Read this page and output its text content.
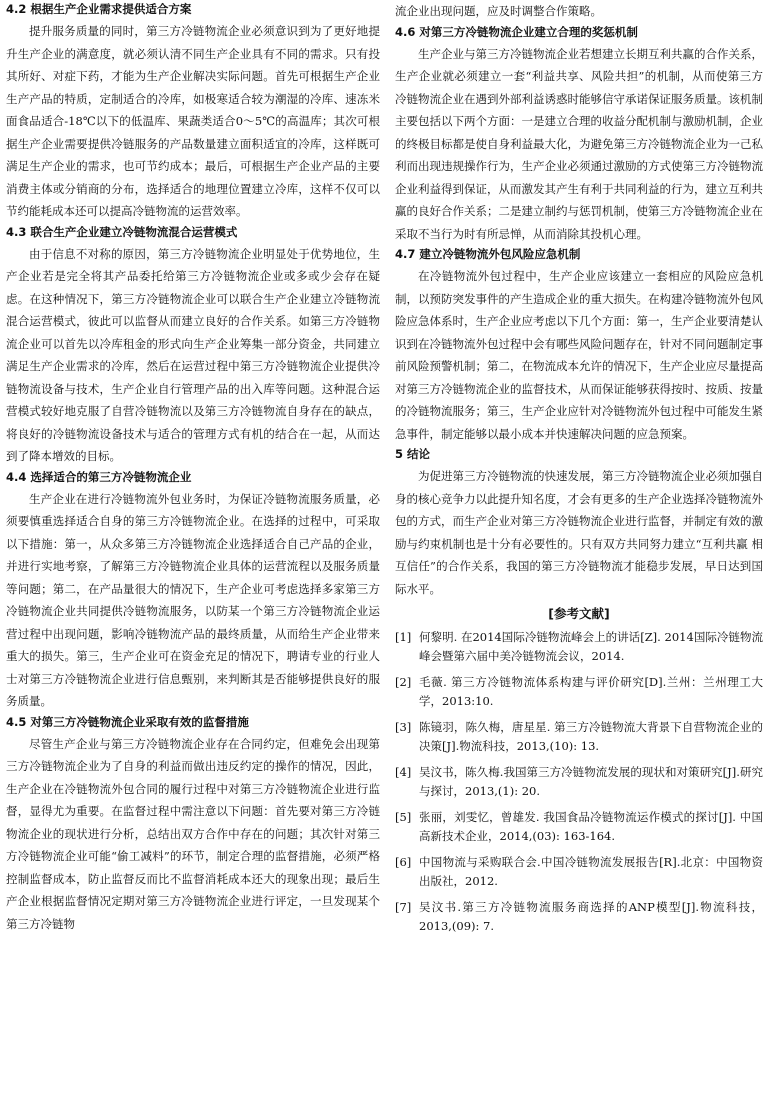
4.2 根据生产企业需求提供适合方案

提升服务质量的同时，第三方冷链物流企业必须意识到为了更好地提升生产企业的满意度，就必须认清不同生产企业具有不同的需求。只有投其所好、对症下药，才能为生产企业解决实际问题。首先可根据生产企业生产产品的特质，定制适合的冷库，如极寒适合较为潮湿的冷库、速冻米面食品适合-18℃以下的低温库、果蔬类适合0～5℃的高温库；其次可根据生产企业需要提供冷链服务的产品数量建立面积适宜的冷库，这样既可满足生产企业的需求，也可节约成本；最后，可根据生产企业产品的主要消费主体或分销商的分布，选择适合的地理位置建立冷库，这样不仅可以节约能耗成本还可以提高冷链物流的运营效率。

4.3 联合生产企业建立冷链物流混合运营模式

由于信息不对称的原因，第三方冷链物流企业明显处于优势地位，生产企业若是完全将其产品委托给第三方冷链物流企业或多或少会存在疑虑。在这种情况下，第三方冷链物流企业可以联合生产企业建立冷链物流混合运营模式，彼此可以监督从而建立良好的合作关系。如第三方冷链物流企业可以首先以冷库租金的形式向生产企业筹集一部分资金，共同建立满足生产企业需求的冷库，然后在运营过程中第三方冷链物流企业提供冷链物流设备与技术，生产企业自行管理产品的出入库等问题。这种混合运营模式较好地克服了自营冷链物流以及第三方冷链物流自身存在的缺点，将良好的冷链物流设备技术与适合的管理方式有机的结合在一起，从而达到了降本增效的目标。

4.4 选择适合的第三方冷链物流企业

生产企业在进行冷链物流外包业务时，为保证冷链物流服务质量，必须要慎重选择适合自身的第三方冷链物流企业。在选择的过程中，可采取以下措施：第一，从众多第三方冷链物流企业选择适合自己产品的企业，并进行实地考察，了解第三方冷链物流企业具体的运营流程以及服务质量等问题；第二，在产品量很大的情况下，生产企业可考虑选择多家第三方冷链物流企业共同提供冷链物流服务，以防某一个第三方冷链物流企业运营过程中出现问题，影响冷链物流产品的最终质量，从而给生产企业带来重大的损失。第三，生产企业可在资金充足的情况下，聘请专业的行业人士对第三方冷链物流企业进行信息甄别，来判断其是否能够提供良好的服务质量。

4.5 对第三方冷链物流企业采取有效的监督措施

尽管生产企业与第三方冷链物流企业存在合同约定，但难免会出现第三方冷链物流企业为了自身的利益而做出违反约定的操作的情况，因此，生产企业在冷链物流外包合同的履行过程中对第三方冷链物流企业进行监督，显得尤为重要。在监督过程中需注意以下问题：首先要对第三方冷链物流企业的现状进行分析，总结出双方合作中存在的问题；其次针对第三方冷链物流企业可能“偷工减料”的环节，制定合理的监督措施，必须严格控制监督成本，防止监督反而比不监督消耗成本还大的现象出现；最后生产企业根据监督情况定期对第三方冷链物流企业进行评定，一旦发现某个第三方冷链物

流企业出现问题，应及时调整合作策略。

4.6 对第三方冷链物流企业建立合理的奖惩机制

生产企业与第三方冷链物流企业若想建立长期互利共赢的合作关系，生产企业就必须建立一套“利益共享、风险共担”的机制，从而使第三方冷链物流企业在遇到外部利益诱惑时能够信守承诺保证服务质量。该机制主要包括以下两个方面：一是建立合理的收益分配机制与激励机制，企业的终极目标都是使自身利益最大化，为避免第三方冷链物流企业为一己私利而出现违规操作行为，生产企业必须通过激励的方式使第三方冷链物流企业利益得到保证，从而激发其产生有利于共同利益的行为，建立互利共赢的良好合作关系；二是建立制约与惩罚机制，使第三方冷链物流企业在采取不当行为时有所忌惮，从而消除其投机心理。

4.7 建立冷链物流外包风险应急机制

在冷链物流外包过程中，生产企业应该建立一套相应的风险应急机制，以预防突发事件的产生造成企业的重大损失。在构建冷链物流外包风险应急体系时，生产企业应考虑以下几个方面：第一，生产企业要清楚认识到在冷链物流外包过程中会有哪些风险问题存在，针对不同问题制定事前风险预警机制；第二，在物流成本允许的情况下，生产企业应尽量提高对第三方冷链物流企业的监督技术，从而保证能够获得按时、按质、按量的冷链物流服务；第三，生产企业应针对冷链物流外包过程中可能发生紧急事件，制定能够以最小成本并快速解决问题的应急预案。

5 结论

为促进第三方冷链物流的快速发展，第三方冷链物流企业必须加强自身的核心竞争力以此提升知名度，才会有更多的生产企业选择冷链物流外包的方式，而生产企业对第三方冷链物流企业进行监督，并制定有效的激励与约束机制也是十分有必要性的。只有双方共同努力建立“互利共赢 相互信任”的合作关系，我国的第三方冷链物流才能稳步发展，早日达到国际水平。

[参考文献]
[1] 何黎明. 在2014国际冷链物流峰会上的讲话[Z]. 2014国际冷链物流峰会暨第六届中美冷链物流会议，2014.
[2] 毛薇. 第三方冷链物流体系构建与评价研究[D].兰州：兰州理工大学，2013:10.
[3] 陈镜羽，陈久梅，唐星星. 第三方冷链物流大背景下自营物流企业的决策[J].物流科技，2013,(10): 13.
[4] 吴汶书，陈久梅.我国第三方冷链物流发展的现状和对策研究[J].研究与探讨，2013,(1): 20.
[5] 张丽，刘雯忆，曾雄发. 我国食品冷链物流运作模式的探讨[J]. 中国高新技术企业，2014,(03): 163-164.
[6] 中国物流与采购联合会.中国冷链物流发展报告[R].北京：中国物资出版社，2012.
[7] 吴汶书.第三方冷链物流服务商选择的ANP模型[J].物流科技，2013,(09): 7.
